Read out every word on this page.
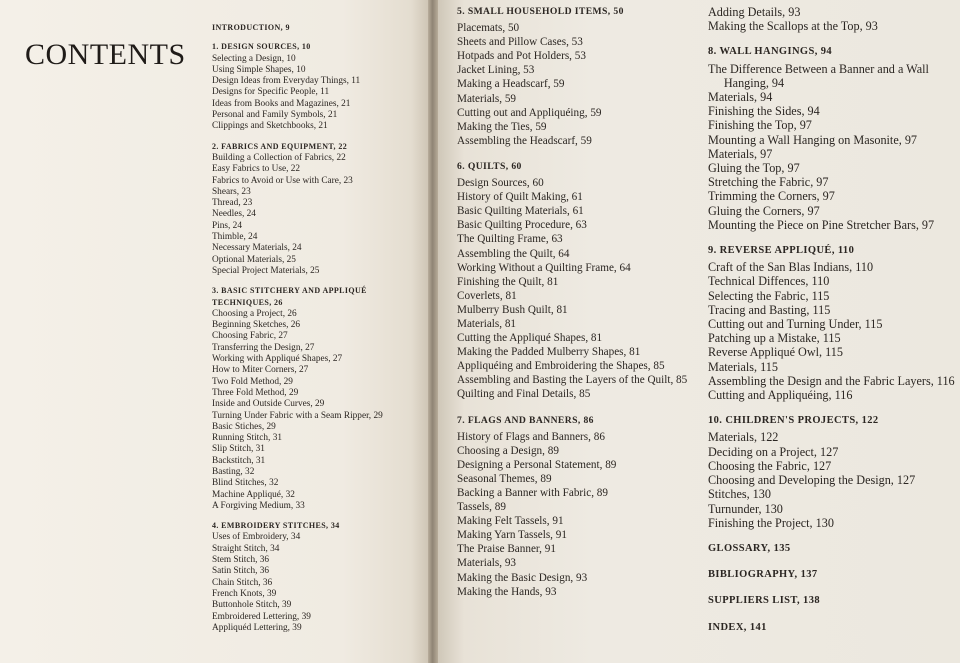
CONTENTS
INTRODUCTION, 9
1. DESIGN SOURCES, 10
Selecting a Design, 10
Using Simple Shapes, 10
Design Ideas from Everyday Things, 11
Designs for Specific People, 11
Ideas from Books and Magazines, 21
Personal and Family Symbols, 21
Clippings and Sketchbooks, 21
2. FABRICS AND EQUIPMENT, 22
Building a Collection of Fabrics, 22
Easy Fabrics to Use, 22
Fabrics to Avoid or Use with Care, 23
Shears, 23
Thread, 23
Needles, 24
Pins, 24
Thimble, 24
Necessary Materials, 24
Optional Materials, 25
Special Project Materials, 25
3. BASIC STITCHERY AND APPLIQUÉ TECHNIQUES, 26
Choosing a Project, 26
Beginning Sketches, 26
Choosing Fabric, 27
Transferring the Design, 27
Working with Appliqué Shapes, 27
How to Miter Corners, 27
Two Fold Method, 29
Three Fold Method, 29
Inside and Outside Curves, 29
Turning Under Fabric with a Seam Ripper, 29
Basic Stiches, 29
Running Stitch, 31
Slip Stitch, 31
Backstitch, 31
Basting, 32
Blind Stitches, 32
Machine Appliqué, 32
A Forgiving Medium, 33
4. EMBROIDERY STITCHES, 34
Uses of Embroidery, 34
Straight Stitch, 34
Stem Stitch, 36
Satin Stitch, 36
Chain Stitch, 36
French Knots, 39
Buttonhole Stitch, 39
Embroidered Lettering, 39
Appliquéd Lettering, 39
5. SMALL HOUSEHOLD ITEMS, 50
Placemats, 50
Sheets and Pillow Cases, 53
Hotpads and Pot Holders, 53
Jacket Lining, 53
Making a Headscarf, 59
Materials, 59
Cutting out and Appliquéing, 59
Making the Ties, 59
Assembling the Headscarf, 59
6. QUILTS, 60
Design Sources, 60
History of Quilt Making, 61
Basic Quilting Materials, 61
Basic Quilting Procedure, 63
The Quilting Frame, 63
Assembling the Quilt, 64
Working Without a Quilting Frame, 64
Finishing the Quilt, 81
Coverlets, 81
Mulberry Bush Quilt, 81
Materials, 81
Cutting the Appliqué Shapes, 81
Making the Padded Mulberry Shapes, 81
Appliquéing and Embroidering the Shapes, 85
Assembling and Basting the Layers of the Quilt, 85
Quilting and Final Details, 85
7. FLAGS AND BANNERS, 86
History of Flags and Banners, 86
Choosing a Design, 89
Designing a Personal Statement, 89
Seasonal Themes, 89
Backing a Banner with Fabric, 89
Tassels, 89
Making Felt Tassels, 91
Making Yarn Tassels, 91
The Praise Banner, 91
Materials, 93
Making the Basic Design, 93
Making the Hands, 93
Adding Details, 93
Making the Scallops at the Top, 93
8. WALL HANGINGS, 94
The Difference Between a Banner and a Wall Hanging, 94
Materials, 94
Finishing the Sides, 94
Finishing the Top, 97
Mounting a Wall Hanging on Masonite, 97
Materials, 97
Gluing the Top, 97
Stretching the Fabric, 97
Trimming the Corners, 97
Gluing the Corners, 97
Mounting the Piece on Pine Stretcher Bars, 97
9. REVERSE APPLIQUÉ, 110
Craft of the San Blas Indians, 110
Technical Diffences, 110
Selecting the Fabric, 115
Tracing and Basting, 115
Cutting out and Turning Under, 115
Patching up a Mistake, 115
Reverse Appliqué Owl, 115
Materials, 115
Assembling the Design and the Fabric Layers, 116
Cutting and Appliquéing, 116
10. CHILDREN'S PROJECTS, 122
Materials, 122
Deciding on a Project, 127
Choosing the Fabric, 127
Choosing and Developing the Design, 127
Stitches, 130
Turnunder, 130
Finishing the Project, 130
GLOSSARY, 135
BIBLIOGRAPHY, 137
SUPPLIERS LIST, 138
INDEX, 141
